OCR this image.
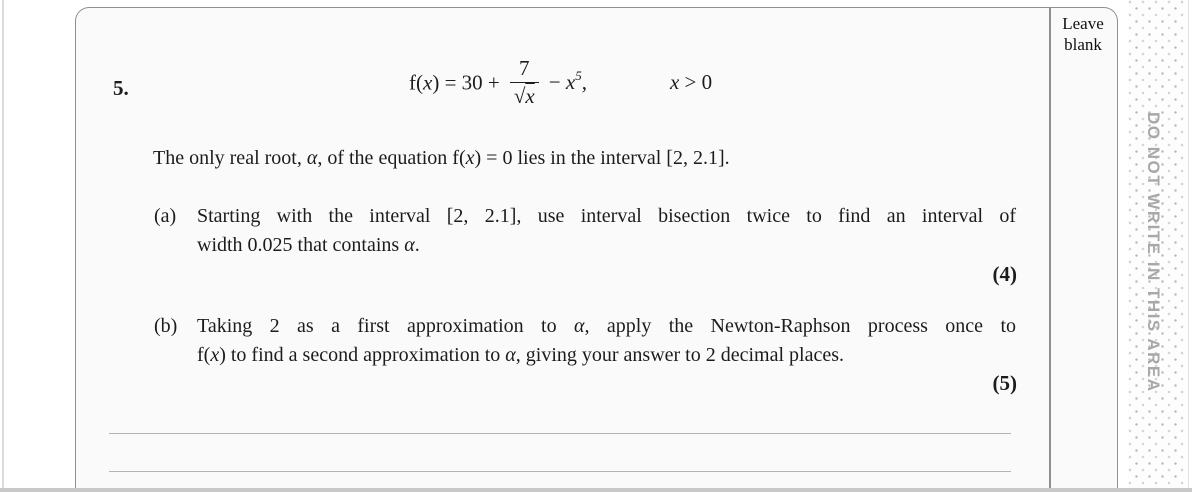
5.	$f(x) = 30 + \frac{7}{√x} - x^5$,	x > 0
The only real root, α, of the equation f(x) = 0 lies in the interval [2, 2.1].
(a) Starting with the interval [2, 2.1], use interval bisection twice to find an interval of
width 0.025 that contains α.
(4)
(b) Taking 2 as a first approximation to α, apply the Newton-Raphson process once to
f(x) to find a second approximation to α, giving your answer to 2 decimal places.
(5)
Leave
blank
DO NOT WRITE IN THIS AREA
